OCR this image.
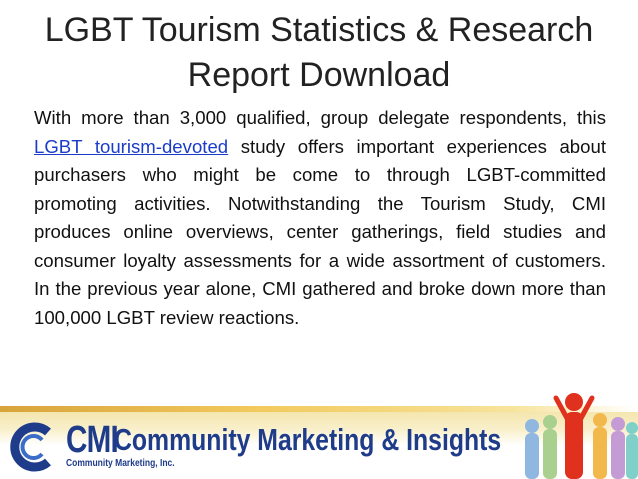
LGBT Tourism Statistics & Research
Report Download
With more than 3,000 qualified, group delegate respondents, this LGBT tourism-devoted study offers important experiences about purchasers who might be come to through LGBT-committed promoting activities. Notwithstanding the Tourism Study, CMI produces online overviews, center gatherings, field studies and consumer loyalty assessments for a wide assortment of customers. In the previous year alone, CMI gathered and broke down more than 100,000 LGBT review reactions.
CMI
Community Marketing & Insights
Community Marketing, Inc.
